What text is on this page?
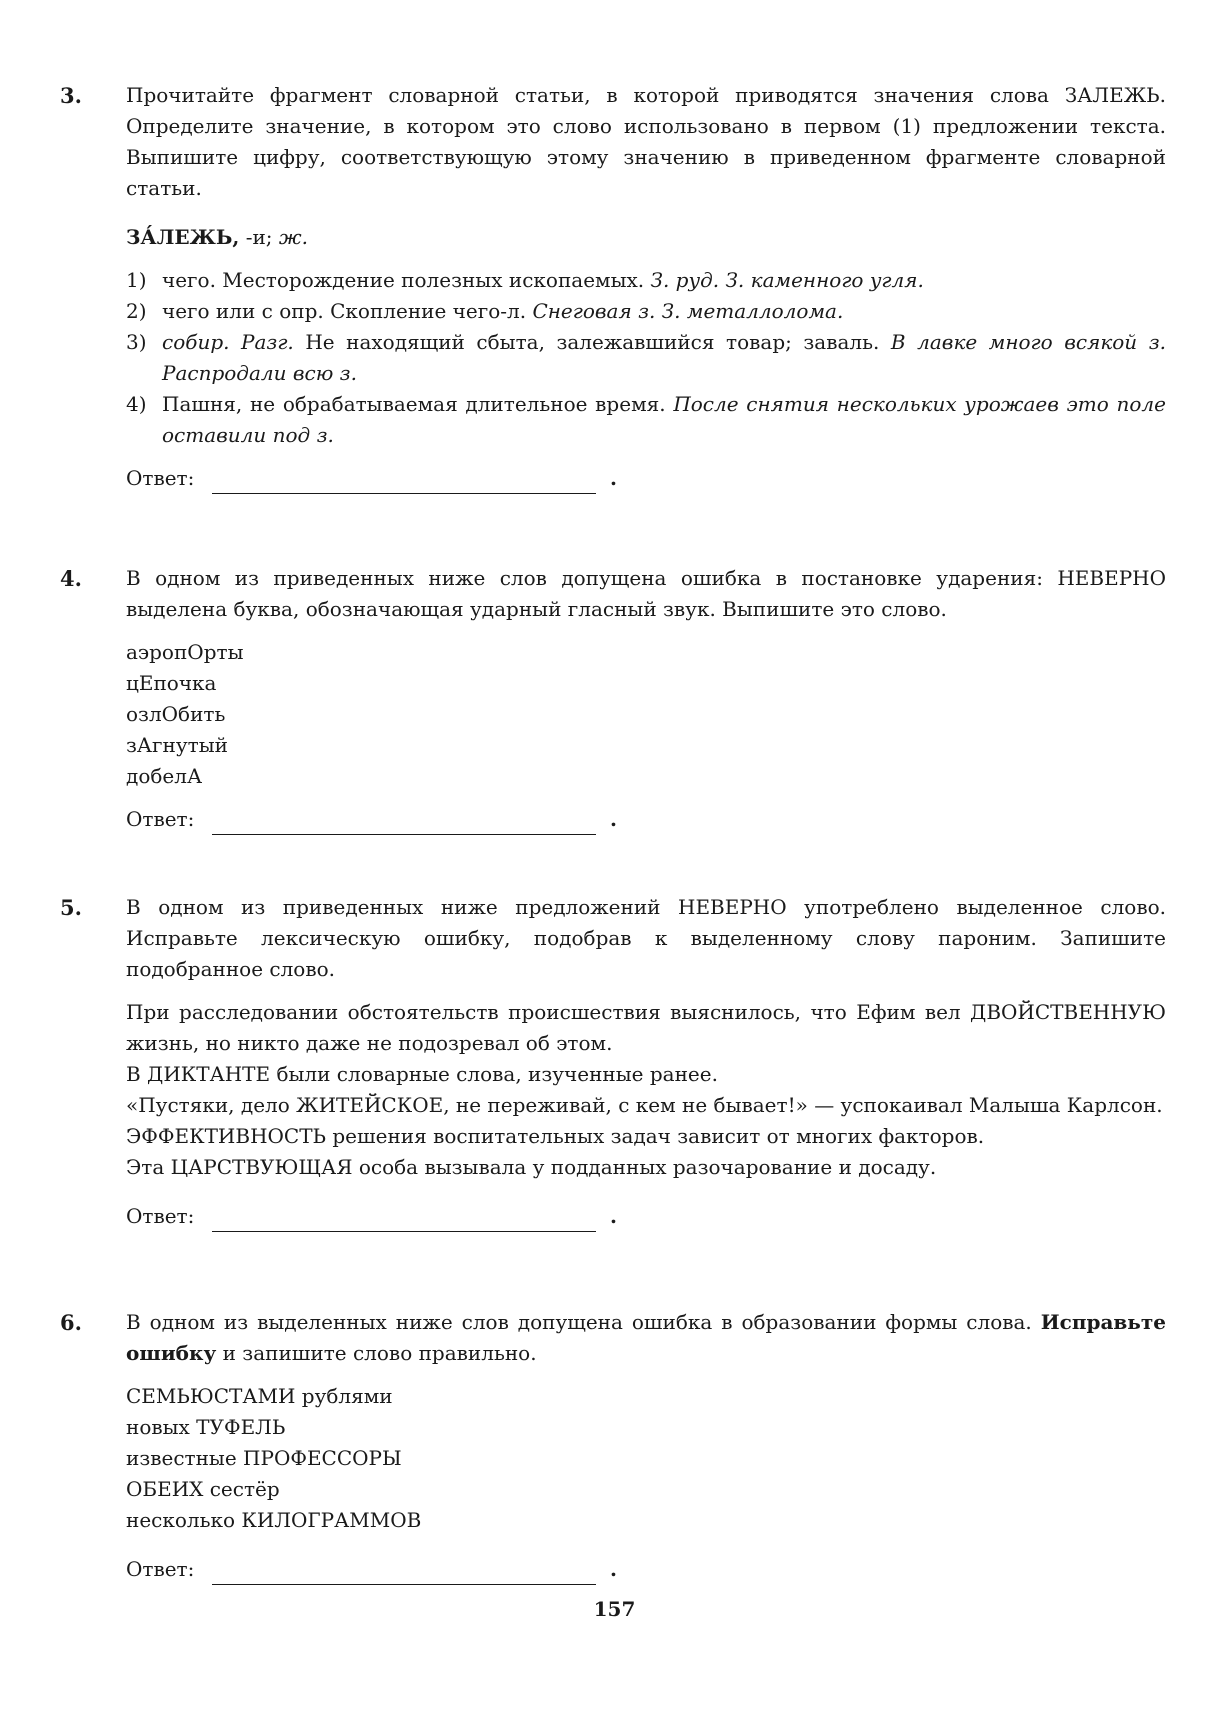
3.	Прочитайте фрагмент словарной статьи, в которой приводятся значения слова ЗАЛЕЖЬ. Определите значение, в котором это слово использовано в первом (1) предложении текста. Выпишите цифру, соответствующую этому значению в приведенном фрагменте словарной статьи.

ЗА́ЛЕЖЬ, -и; ж.

1) чего. Месторождение полезных ископаемых. З. руд. З. каменного угля.
2) чего или с опр. Скопление чего-л. Снеговая з. З. металлолома.
3) собир. Разг. Не находящий сбыта, залежавшийся товар; заваль. В лавке много всякой з. Распродали всю з.
4) Пашня, не обрабатываемая длительное время. После снятия нескольких урожаев это поле оставили под з.
Ответ:	.
4.	В одном из приведенных ниже слов допущена ошибка в постановке ударения: НЕВЕРНО выделена буква, обозначающая ударный гласный звук. Выпишите это слово.

аэропОрты
цЕпочка
озлОбить
зАгнутый
добелА
Ответ:	.
5.	В одном из приведенных ниже предложений НЕВЕРНО употреблено выделенное слово. Исправьте лексическую ошибку, подобрав к выделенному слову пароним. Запишите подобранное слово.

При расследовании обстоятельств происшествия выяснилось, что Ефим вел ДВОЙСТВЕННУЮ жизнь, но никто даже не подозревал об этом.

В ДИКТАНТЕ были словарные слова, изученные ранее.

«Пустяки, дело ЖИТЕЙСКОЕ, не переживай, с кем не бывает!» — успокаивал Малыша Карлсон.

ЭФФЕКТИВНОСТЬ решения воспитательных задач зависит от многих факторов.

Эта ЦАРСТВУЮЩАЯ особа вызывала у подданных разочарование и досаду.

Ответ:	.
6.	В одном из выделенных ниже слов допущена ошибка в образовании формы слова. Исправьте ошибку и запишите слово правильно.

СЕМЬЮСТАМИ рублями
новых ТУФЕЛЬ
известные ПРОФЕССОРЫ
ОБЕИХ сестёр
несколько КИЛОГРАММОВ
Ответ:	.
157
